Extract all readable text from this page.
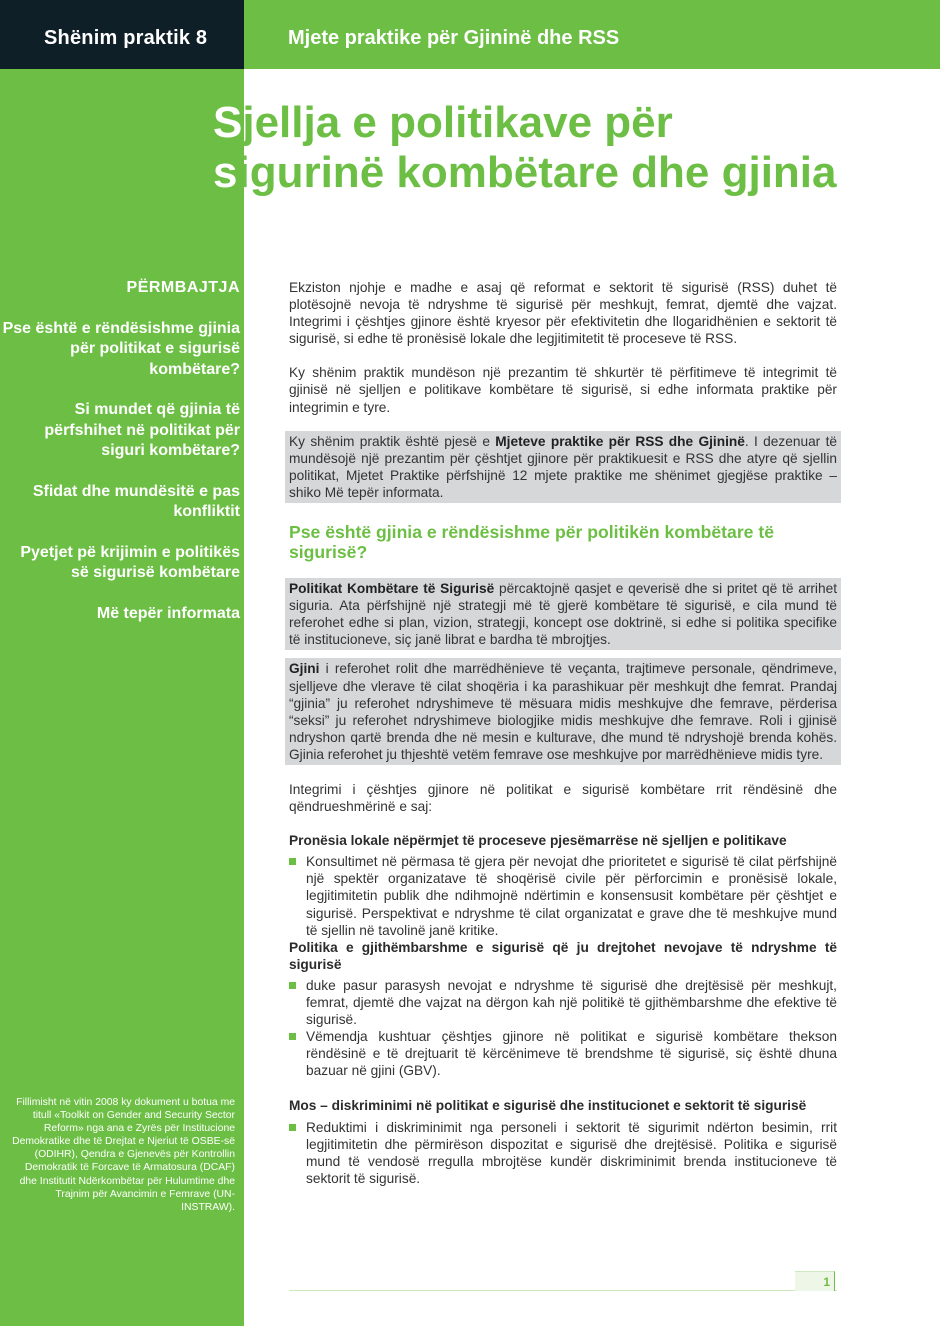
Shënim praktik 8	Mjete praktike për Gjininë dhe RSS
Sjellja e politikave për
sigurinë kombëtare dhe gjinia
PËRMBAJTJA
Pse është e rëndësishme gjinia për politikat e sigurisë kombëtare?
Si mundet që gjinia të përfshihet në politikat për siguri kombëtare?
Sfidat dhe mundësitë e pas konfliktit
Pyetjet pë krijimin e politikës së sigurisë kombëtare
Më tepër informata
Fillimisht në vitin 2008 ky dokument u botua me titull «Toolkit on Gender and Security Sector Reform» nga ana e Zyrës për Institucione Demokratike dhe të Drejtat e Njeriut të OSBE-së (ODIHR), Qendra e Gjenevës për Kontrollin Demokratik të Forcave të Armatosura (DCAF) dhe Institutit Ndërkombëtar për Hulumtime dhe Trajnim për Avancimin e Femrave (UN-INSTRAW).

Ekziston njohje e madhe e asaj që reformat e sektorit të sigurisë (RSS) duhet të plotësojnë nevoja të ndryshme të sigurisë për meshkujt, femrat, djemtë dhe vajzat. Integrimi i çështjes gjinore është kryesor për efektivitetin dhe llogaridhënien e sektorit të sigurisë, si edhe të pronësisë lokale dhe legjitimitetit të proceseve të RSS.

Ky shënim praktik mundëson një prezantim të shkurtër të përfitimeve të integrimit të gjinisë në sjelljen e politikave kombëtare të sigurisë, si edhe informata praktike për integrimin e tyre.

Ky shënim praktik është pjesë e Mjeteve praktike për RSS dhe Gjininë. I dezenuar të mundësojë një prezantim për çështjet gjinore për praktikuesit e RSS dhe atyre që sjellin politikat, Mjetet Praktike përfshijnë 12 mjete praktike me shënimet gjegjëse praktike – shiko Më tepër informata.
Pse është gjinia e rëndësishme për politikën kombëtare të sigurisë?
Politikat Kombëtare të Sigurisë përcaktojnë qasjet e qeverisë dhe si pritet që të arrihet siguria. Ata përfshijnë një strategji më të gjerë kombëtare të sigurisë, e cila mund të referohet edhe si plan, vizion, strategji, koncept ose doktrinë, si edhe si politika specifike të institucioneve, siç janë librat e bardha të mbrojtjes.
Gjini i referohet rolit dhe marrëdhënieve të veçanta, trajtimeve personale, qëndrimeve, sjelljeve dhe vlerave të cilat shoqëria i ka parashikuar për meshkujt dhe femrat. Prandaj “gjinia” ju referohet ndryshimeve të mësuara midis meshkujve dhe femrave, përderisa “seksi” ju referohet ndryshimeve biologjike midis meshkujve dhe femrave. Roli i gjinisë ndryshon qartë brenda dhe në mesin e kulturave, dhe mund të ndryshojë brenda kohës. Gjinia referohet ju thjeshtë vetëm femrave ose meshkujve por marrëdhënieve midis tyre.

Integrimi i çështjes gjinore në politikat e sigurisë kombëtare rrit rëndësinë dhe qëndrueshmërinë e saj:

Pronësia lokale nëpërmjet të proceseve pjesëmarrëse në sjelljen e politikave
Konsultimet në përmasa të gjera për nevojat dhe prioritetet e sigurisë të cilat përfshijnë një spektër organizatave të shoqërisë civile për përforcimin e pronësisë lokale, legjitimitetin publik dhe ndihmojnë ndërtimin e konsensusit kombëtare për çështjet e sigurisë. Perspektivat e ndryshme të cilat organizatat e grave dhe të meshkujve mund të sjellin në tavolinë janë kritike.
Politika e gjithëmbarshme e sigurisë që ju drejtohet nevojave të ndryshme të sigurisë
duke pasur parasysh nevojat e ndryshme të sigurisë dhe drejtësisë për meshkujt, femrat, djemtë dhe vajzat na dërgon kah një politikë të gjithëmbarshme dhe efektive të sigurisë.
Vëmendja kushtuar çështjes gjinore në politikat e sigurisë kombëtare thekson rëndësinë e të drejtuarit të kërcënimeve të brendshme të sigurisë, siç është dhuna bazuar në gjini (GBV).
Mos – diskriminimi në politikat e sigurisë dhe institucionet e sektorit të sigurisë
Reduktimi i diskriminimit nga personeli i sektorit të sigurimit ndërton besimin, rrit legjitimitetin dhe përmirëson dispozitat e sigurisë dhe drejtësisë. Politika e sigurisë mund të vendosë rregulla mbrojtëse kundër diskriminimit brenda institucioneve të sektorit të sigurisë.
1
